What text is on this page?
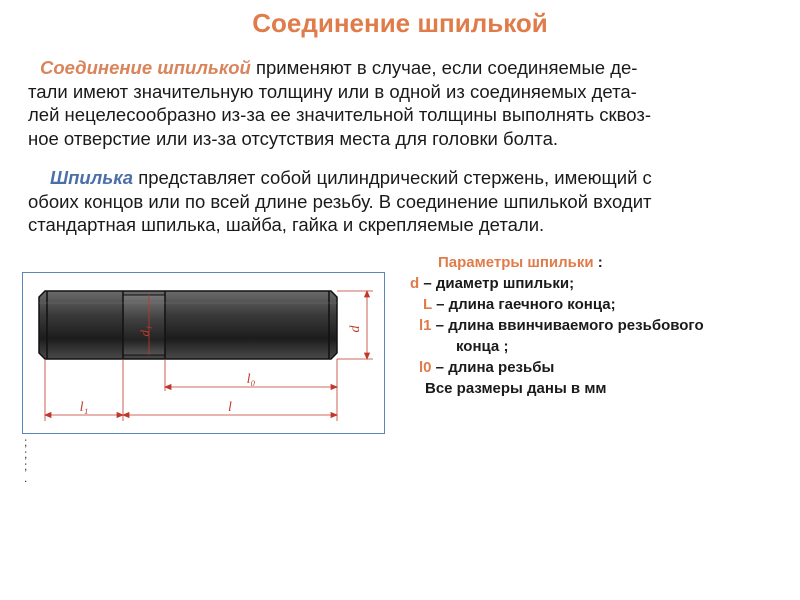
Соединение шпилькой
Соединение шпилькой применяют в случае, если соединяемые де-
тали имеют значительную толщину или в одной из соединяемых дета-
лей нецелесообразно из-за ее значительной толщины выполнять сквоз-
ное отверстие или из-за отсутствия места для головки болта.
Шпилька представляет собой цилиндрический стержень, имеющий с
обоих концов или по всей длине резьбу. В соединение шпилькой входит
стандартная шпилька, шайба, гайка и скрепляемые детали.
d₁
l₀
l₁	l
d
Параметры шпильки :
d – диаметр шпильки;
L – длина гаечного конца;
l1 – длина ввинчиваемого резьбового
конца ;
l0 – длина резьбы
Все размеры даны в мм
;
;
;
.
